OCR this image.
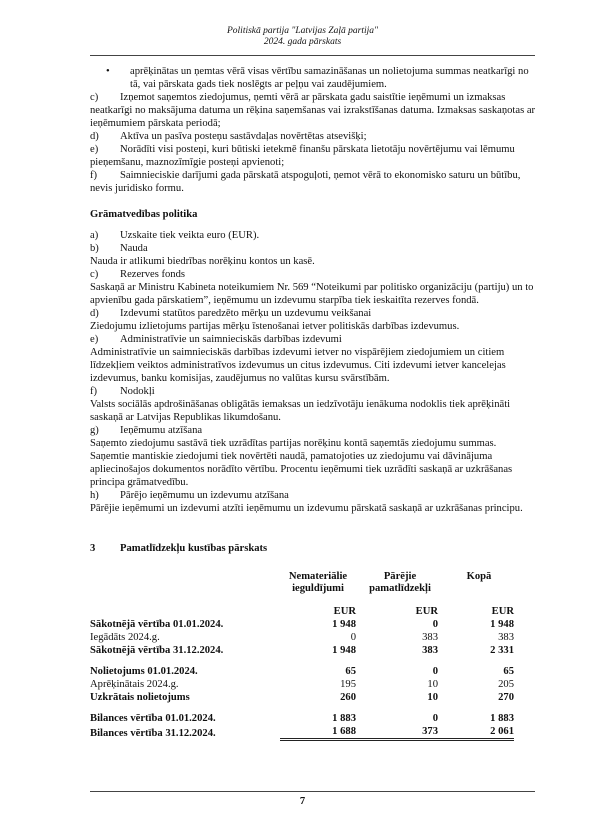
Politiskā partija "Latvijas Zaļā partija"
2024. gada pārskats
•	aprēķinātas un ņemtas vērā visas vērtību samazināšanas un nolietojuma summas neatkarīgi no tā, vai pārskata gads tiek noslēgts ar peļņu vai zaudējumiem.
c) Izņemot saņemtos ziedojumus, ņemti vērā ar pārskata gadu saistītie ieņēmumi un izmaksas neatkarīgi no maksājuma datuma un rēķina saņemšanas vai izrakstīšanas datuma. Izmaksas saskaņotas ar ieņēmumiem pārskata periodā;
d) Aktīva un pasīva posteņu sastāvdaļas novērtētas atsevišķi;
e) Norādīti visi posteņi, kuri būtiski ietekmē finanšu pārskata lietotāju novērtējumu vai lēmumu pieņemšanu, maznozīmīgie posteņi apvienoti;
f) Saimnieciskie darījumi gada pārskatā atspoguļoti, ņemot vērā to ekonomisko saturu un būtību, nevis juridisko formu.
Grāmatvedības politika
a) Uzskaite tiek veikta euro (EUR).
b) Nauda
Nauda ir atlikumi biedrības norēķinu kontos un kasē.
c) Rezerves fonds
Saskaņā ar Ministru Kabineta noteikumiem Nr. 569 “Noteikumi par politisko organizāciju (partiju) un to apvienību gada pārskatiem”, ieņēmumu un izdevumu starpība tiek ieskaitīta rezerves fondā.
d) Izdevumi statūtos paredzēto mērķu un uzdevumu veikšanai
Ziedojumu izlietojums partijas mērķu īstenošanai ietver politiskās darbības izdevumus.
e) Administratīvie un saimnieciskās darbības izdevumi
Administratīvie un saimnieciskās darbības izdevumi ietver no vispārējiem ziedojumiem un citiem līdzekļiem veiktos administratīvos izdevumus un citus izdevumus. Citi izdevumi ietver kancelejas izdevumus, banku komisijas, zaudējumus no valūtas kursu svārstībām.
f) Nodokļi
Valsts sociālās apdrošināšanas obligātās iemaksas un iedzīvotāju ienākuma nodoklis tiek aprēķināti saskaņā ar Latvijas Republikas likumdošanu.
g) Ieņēmumu atzīšana
Saņemto ziedojumu sastāvā tiek uzrādītas partijas norēķinu kontā saņemtās ziedojumu summas. Saņemtie mantiskie ziedojumi tiek novērtēti naudā, pamatojoties uz ziedojumu vai dāvinājuma apliecinošajos dokumentos norādīto vērtību. Procentu ieņēmumi tiek uzrādīti saskaņā ar uzkrāšanas principa grāmatvedību.
h) Pārējo ieņēmumu un izdevumu atzīšana
Pārējie ieņēmumi un izdevumi atzīti ieņēmumu un izdevumu pārskatā saskaņā ar uzkrāšanas principu.
3 Pamatlīdzekļu kustības pārskats
	Nemateriālie ieguldījumi	Pārējie pamatlīdzekļi	Kopā

	EUR	EUR	EUR
Sākotnējā vērtība 01.01.2024.	1 948	0	1 948
Iegādāts 2024.g.	0	383	383
Sākotnējā vērtība 31.12.2024.	1 948	383	2 331

Nolietojums 01.01.2024.	65	0	65
Aprēķinātais 2024.g.	195	10	205
Uzkrātais nolietojums	260	10	270

Bilances vērtība 01.01.2024.	1 883	0	1 883
Bilances vērtība 31.12.2024.	1 688	373	2 061
7
